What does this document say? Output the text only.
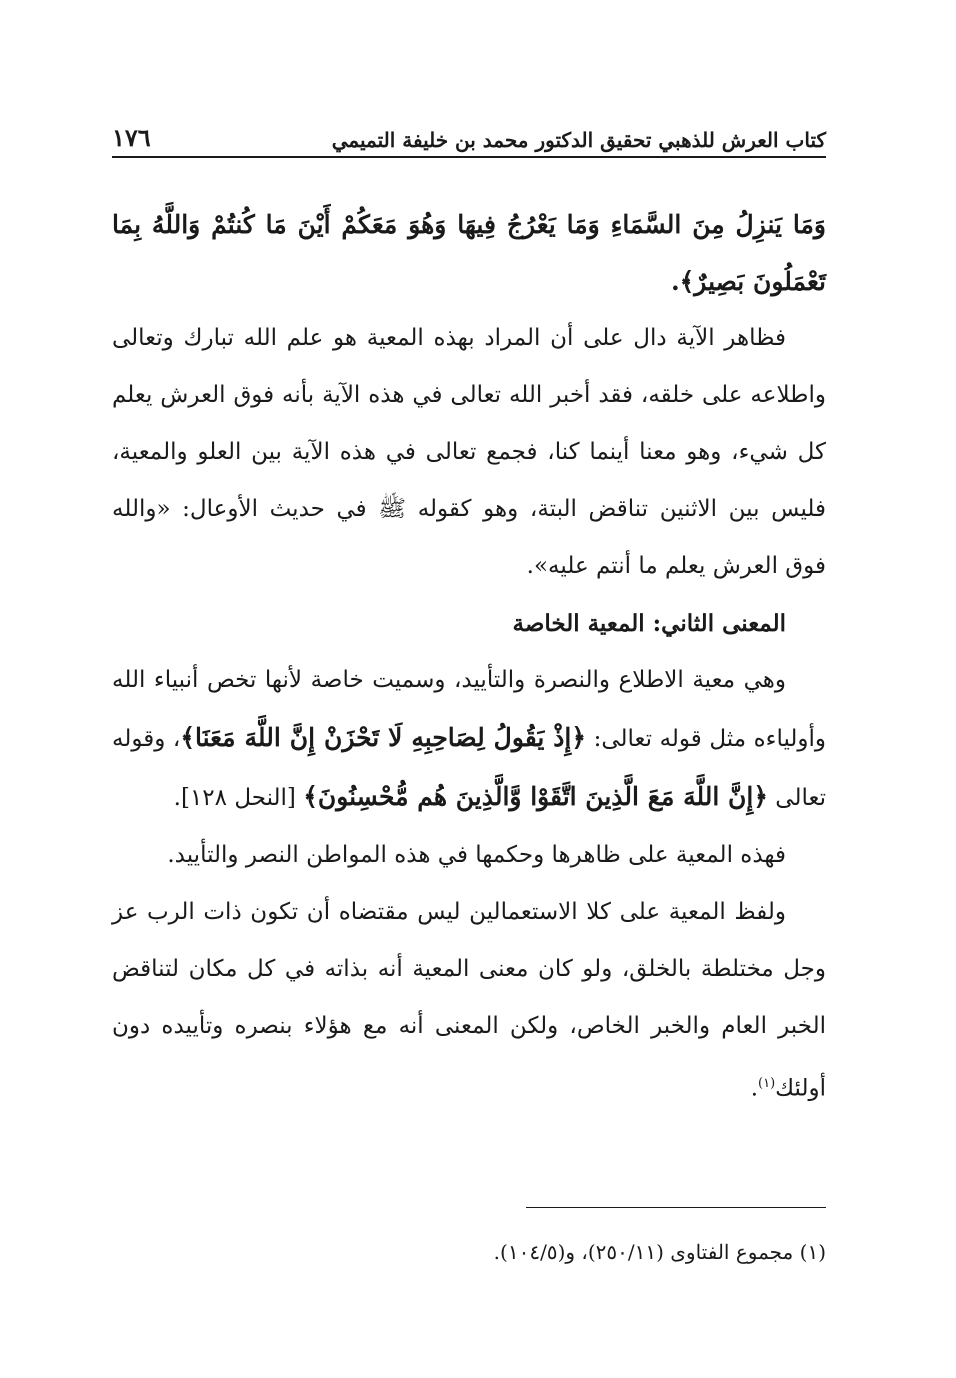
كتاب العرش للذهبي تحقيق الدكتور محمد بن خليفة التميمي
١٧٦

وَمَا يَنزِلُ مِنَ السَّمَاءِ وَمَا يَعْرُجُ فِيهَا وَهُوَ مَعَكُمْ أَيْنَ مَا كُنتُمْ وَاللَّهُ بِمَا تَعْمَلُونَ بَصِيرٌ﴾.

فظاهر الآية دال على أن المراد بهذه المعية هو علم الله تبارك وتعالى واطلاعه على خلقه، فقد أخبر الله تعالى في هذه الآية بأنه فوق العرش يعلم كل شيء، وهو معنا أينما كنا، فجمع تعالى في هذه الآية بين العلو والمعية، فليس بين الاثنين تناقض البتة، وهو كقوله ﷺ في حديث الأوعال: «والله فوق العرش يعلم ما أنتم عليه».

المعنى الثاني: المعية الخاصة

وهي معية الاطلاع والنصرة والتأييد، وسميت خاصة لأنها تخص أنبياء الله وأولياءه مثل قوله تعالى: ﴿إِذْ يَقُولُ لِصَاحِبِهِ لَا تَحْزَنْ إِنَّ اللَّهَ مَعَنَا﴾، وقوله تعالى ﴿إِنَّ اللَّهَ مَعَ الَّذِينَ اتَّقَوْا وَّالَّذِينَ هُم مُّحْسِنُونَ﴾ [النحل ١٢٨].

فهذه المعية على ظاهرها وحكمها في هذه المواطن النصر والتأييد.

ولفظ المعية على كلا الاستعمالين ليس مقتضاه أن تكون ذات الرب عز وجل مختلطة بالخلق، ولو كان معنى المعية أنه بذاته في كل مكان لتناقض الخبر العام والخبر الخاص، ولكن المعنى أنه مع هؤلاء بنصره وتأييده دون أولئك$^{(١)}$.

(١) مجموع الفتاوى (٢٥٠/١١)، و(١٠٤/٥).
